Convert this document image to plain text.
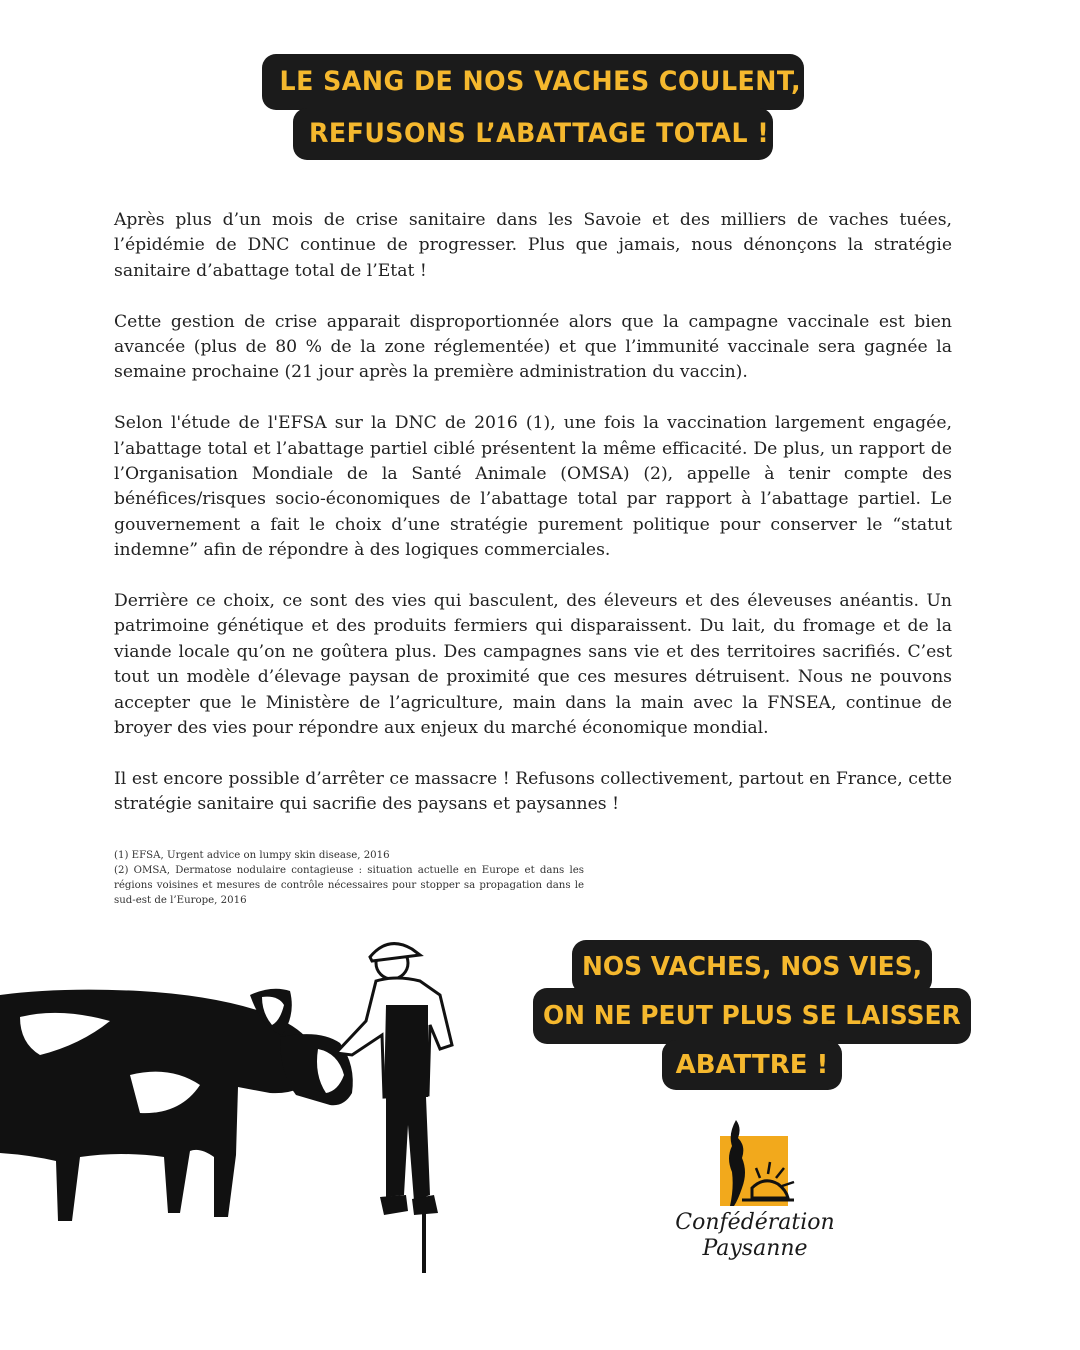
LE SANG DE NOS VACHES COULENT,
REFUSONS L’ABATTAGE TOTAL !

Après plus d’un mois de crise sanitaire dans les Savoie et des milliers de vaches tuées, l’épidémie de DNC continue de progresser. Plus que jamais, nous dénonçons la stratégie sanitaire d’abattage total de l’Etat !

Cette gestion de crise apparait disproportionnée alors que la campagne vaccinale est bien avancée (plus de 80 % de la zone réglementée) et que l’immunité vaccinale sera gagnée la semaine prochaine (21 jour après la première administration du vaccin).

Selon l'étude de l'EFSA sur la DNC de 2016 (1), une fois la vaccination largement engagée, l’abattage total et l’abattage partiel ciblé présentent la même efficacité. De plus, un rapport de l’Organisation Mondiale de la Santé Animale (OMSA) (2), appelle à tenir compte des bénéfices/risques socio-économiques de l’abattage total par rapport à l’abattage partiel. Le gouvernement a fait le choix d’une stratégie purement politique pour conserver le “statut indemne” afin de répondre à des logiques commerciales.

Derrière ce choix, ce sont des vies qui basculent, des éleveurs et des éleveuses anéantis. Un patrimoine génétique et des produits fermiers qui disparaissent. Du lait, du fromage et de la viande locale qu’on ne goûtera plus. Des campagnes sans vie et des territoires sacrifiés. C’est tout un modèle d’élevage paysan de proximité que ces mesures détruisent. Nous ne pouvons accepter que le Ministère de l’agriculture, main dans la main avec la FNSEA, continue de broyer des vies pour répondre aux enjeux du marché économique mondial.

Il est encore possible d’arrêter ce massacre ! Refusons collectivement, partout en France, cette stratégie sanitaire qui sacrifie des paysans et paysannes !

(1) EFSA, Urgent advice on lumpy skin disease, 2016

(2) OMSA, Dermatose nodulaire contagieuse : situation actuelle en Europe et dans les régions voisines et mesures de contrôle nécessaires pour stopper sa propagation dans le sud-est de l’Europe, 2016

NOS VACHES, NOS VIES,
ON NE PEUT PLUS SE LAISSER
ABATTRE !
Confédération
Paysanne
